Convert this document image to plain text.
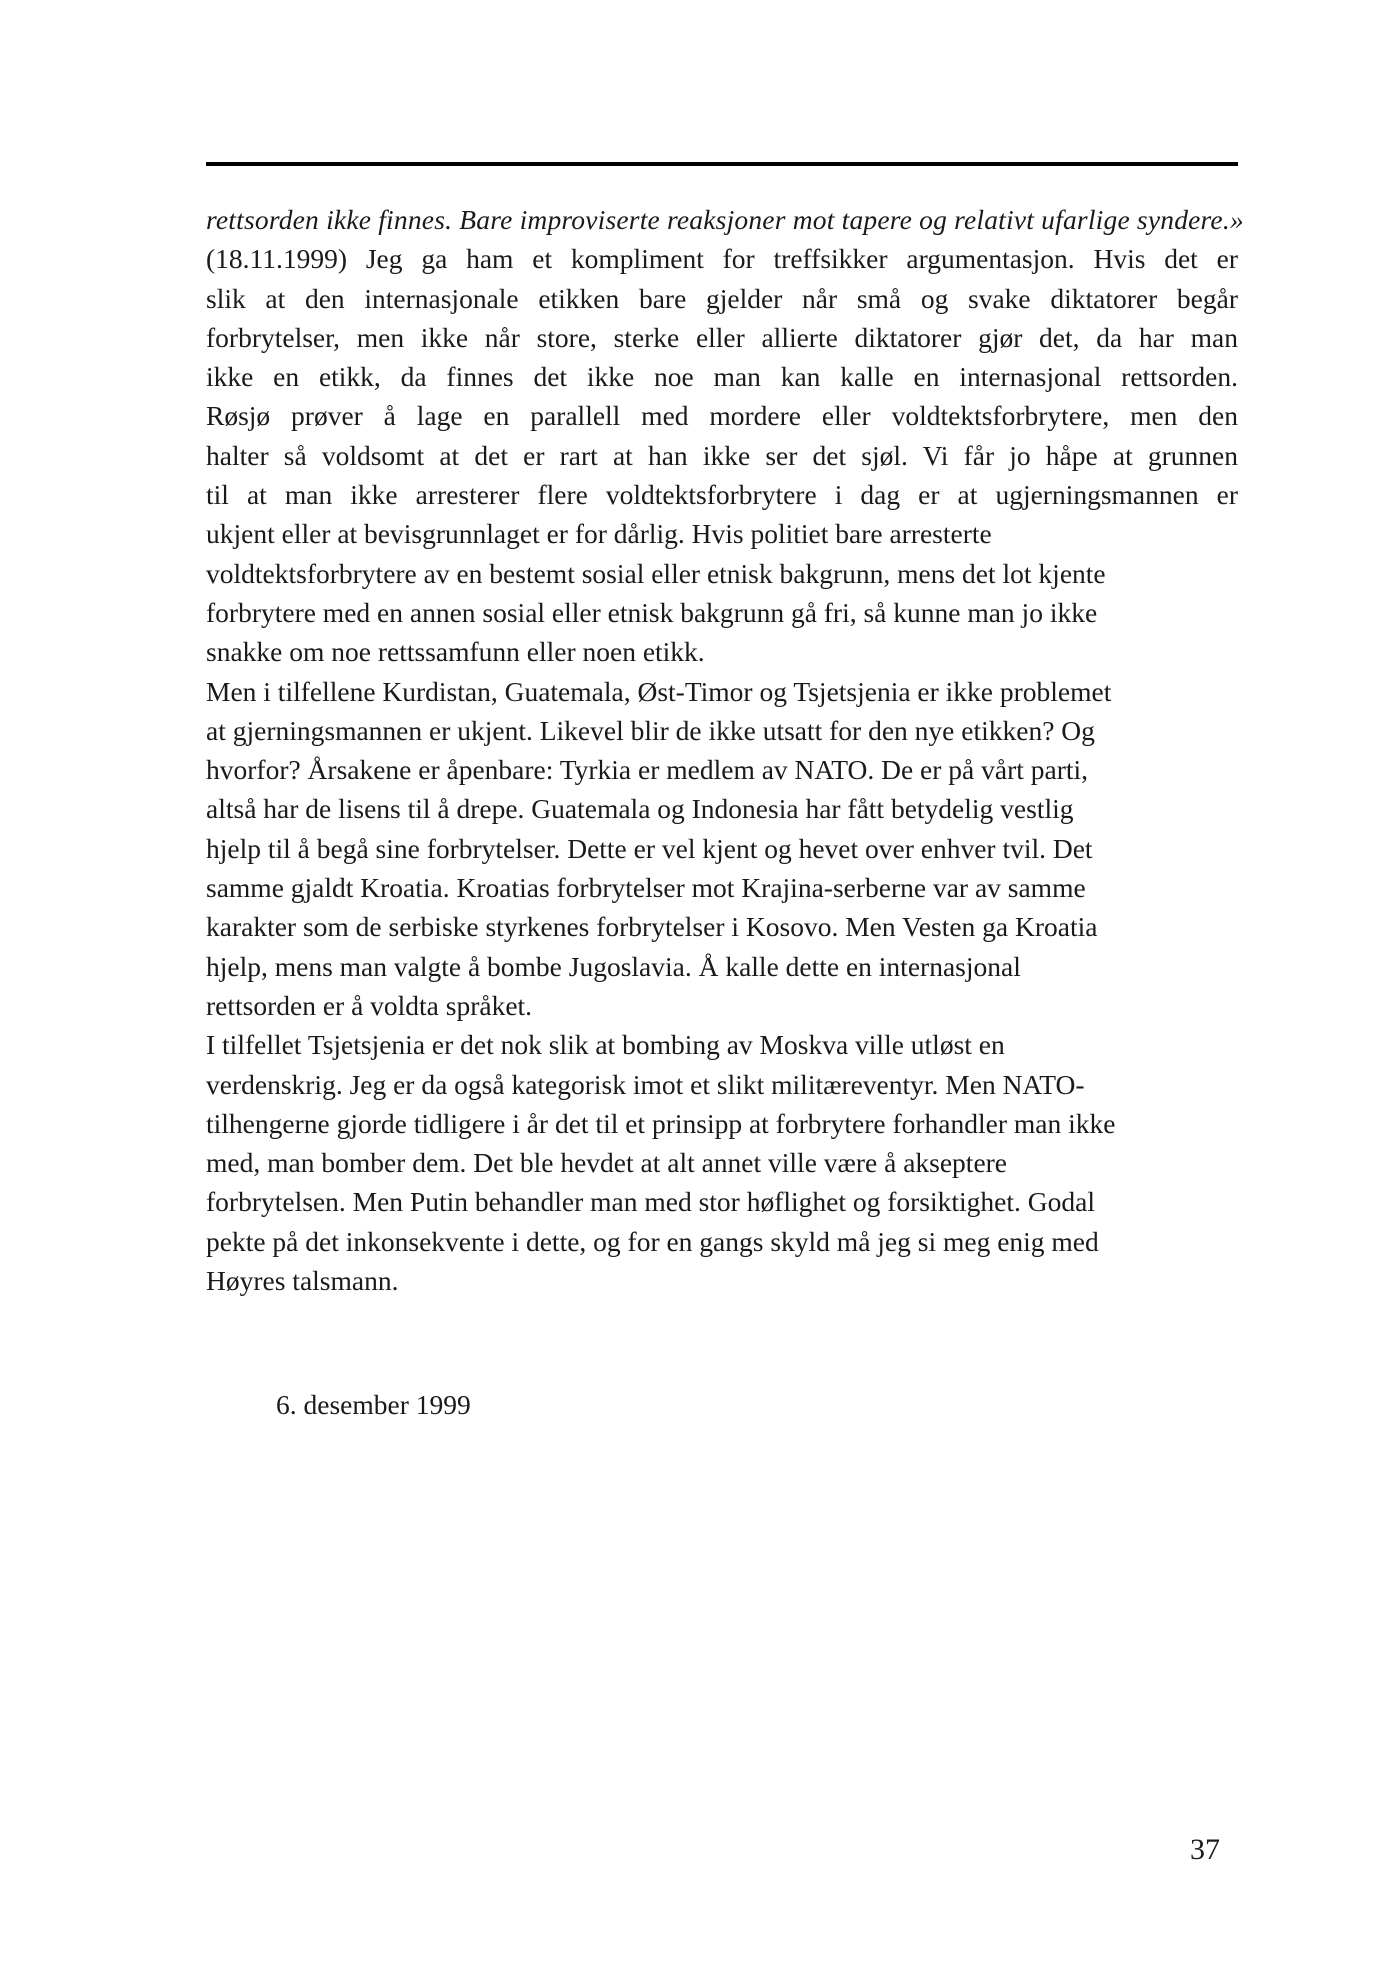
rettsorden ikke finnes. Bare improviserte reaksjoner mot tapere og relativt ufarlige syndere.»
(18.11.1999) Jeg ga ham et kompliment for treffsikker argumentasjon. Hvis det er
slik at den internasjonale etikken bare gjelder når små og svake diktatorer begår
forbrytelser, men ikke når store, sterke eller allierte diktatorer gjør det, da har man
ikke en etikk, da finnes det ikke noe man kan kalle en internasjonal rettsorden.
Røsjø prøver å lage en parallell med mordere eller voldtektsforbrytere, men den
halter så voldsomt at det er rart at han ikke ser det sjøl. Vi får jo håpe at grunnen
til at man ikke arresterer flere voldtektsforbrytere i dag er at ugjerningsmannen er
ukjent eller at bevisgrunnlaget er for dårlig. Hvis politiet bare arresterte
voldtektsforbrytere av en bestemt sosial eller etnisk bakgrunn, mens det lot kjente
forbrytere med en annen sosial eller etnisk bakgrunn gå fri, så kunne man jo ikke
snakke om noe rettssamfunn eller noen etikk.
Men i tilfellene Kurdistan, Guatemala, Øst-Timor og Tsjetsjenia er ikke problemet
at gjerningsmannen er ukjent. Likevel blir de ikke utsatt for den nye etikken? Og
hvorfor? Årsakene er åpenbare: Tyrkia er medlem av NATO. De er på vårt parti,
altså har de lisens til å drepe. Guatemala og Indonesia har fått betydelig vestlig
hjelp til å begå sine forbrytelser. Dette er vel kjent og hevet over enhver tvil. Det
samme gjaldt Kroatia. Kroatias forbrytelser mot Krajina-serberne var av samme
karakter som de serbiske styrkenes forbrytelser i Kosovo. Men Vesten ga Kroatia
hjelp, mens man valgte å bombe Jugoslavia. Å kalle dette en internasjonal
rettsorden er å voldta språket.
I tilfellet Tsjetsjenia er det nok slik at bombing av Moskva ville utløst en
verdenskrig. Jeg er da også kategorisk imot et slikt militæreventyr. Men NATO-
tilhengerne gjorde tidligere i år det til et prinsipp at forbrytere forhandler man ikke
med, man bomber dem. Det ble hevdet at alt annet ville være å akseptere
forbrytelsen. Men Putin behandler man med stor høflighet og forsiktighet. Godal
pekte på det inkonsekvente i dette, og for en gangs skyld må jeg si meg enig med
Høyres talsmann.
6. desember 1999
37
